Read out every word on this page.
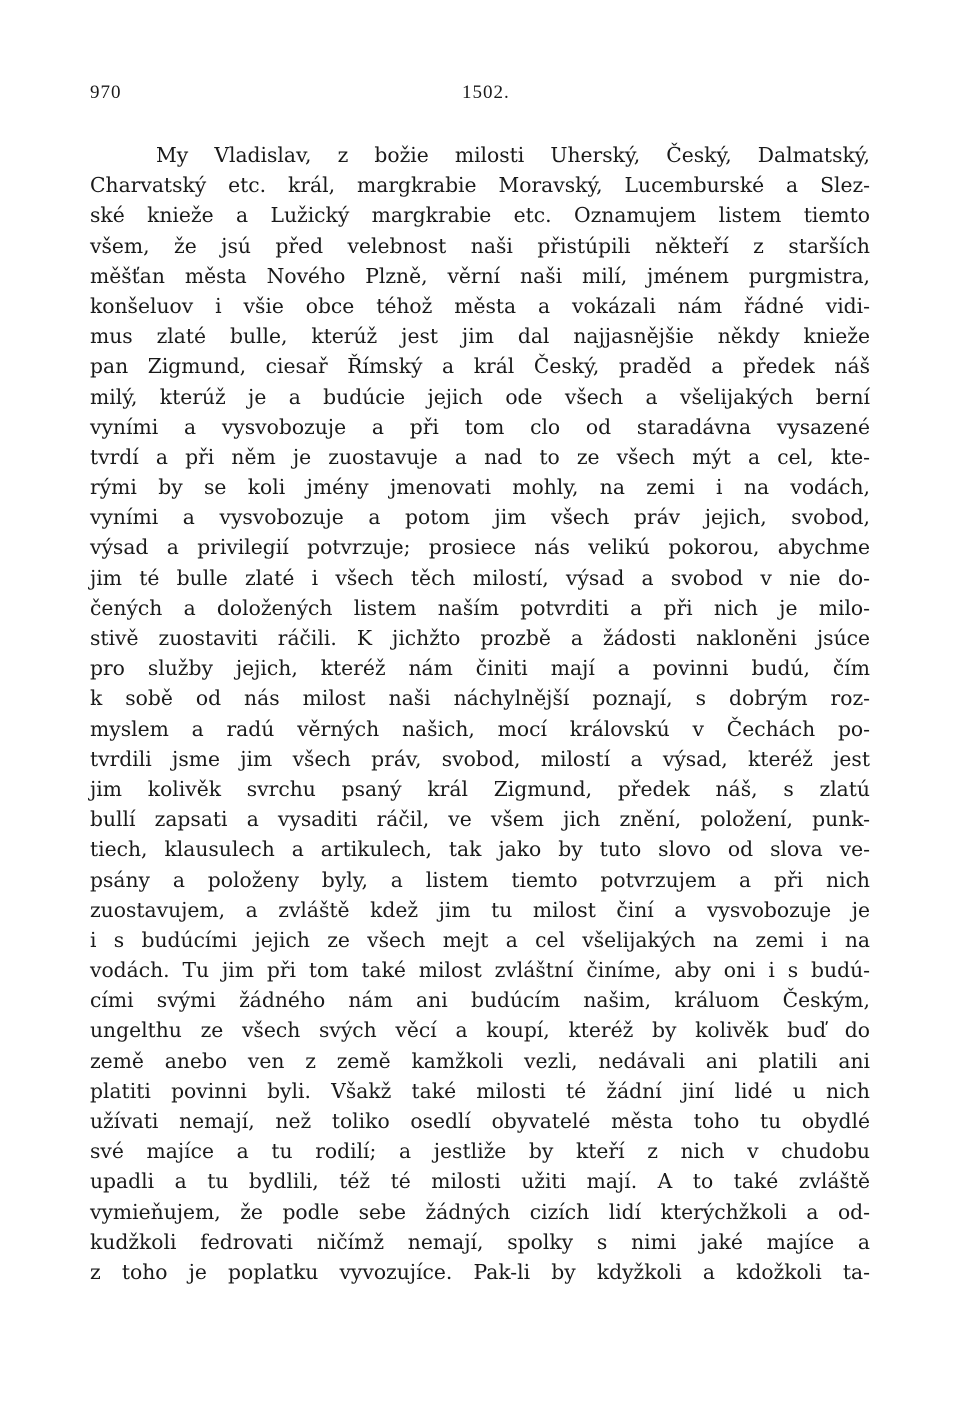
970	1502.
My Vladislav, z božie milosti Uherský, Český, Dalmatský,
Charvatský etc. král, margkrabie Moravský, Lucemburské a Slez-
ské knieže a Lužický margkrabie etc. Oznamujem listem tiemto
všem, že jsú před velebnost naši přistúpili někteří z starších
měšťan města Nového Plzně, věrní naši milí, jménem purgmistra,
konšeluov i všie obce téhož města a vokázali nám řádné vidi-
mus zlaté bulle, kterúž jest jim dal najjasnějšie někdy knieže
pan Zigmund, ciesař Římský a král Český, praděd a předek náš
milý, kterúž je a budúcie jejich ode všech a všelijakých berní
vyními a vysvobozuje a při tom clo od staradávna vysazené
tvrdí a při něm je zuostavuje a nad to ze všech mýt a cel, kte-
rými by se koli jmény jmenovati mohly, na zemi i na vodách,
vyními a vysvobozuje a potom jim všech práv jejich, svobod,
výsad a privilegií potvrzuje; prosiece nás velikú pokorou, abychme
jim té bulle zlaté i všech těch milostí, výsad a svobod v nie do-
čených a doložených listem naším potvrditi a při nich je milo-
stivě zuostaviti ráčili. K jichžto prozbě a žádosti nakloněni jsúce
pro služby jejich, kteréž nám činiti mají a povinni budú, čím
k sobě od nás milost naši náchylnější poznají, s dobrým roz-
myslem a radú věrných našich, mocí královskú v Čechách po-
tvrdili jsme jim všech práv, svobod, milostí a výsad, kteréž jest
jim kolivěk svrchu psaný král Zigmund, předek náš, s zlatú
bullí zapsati a vysaditi ráčil, ve všem jich znění, položení, punk-
tiech, klausulech a artikulech, tak jako by tuto slovo od slova ve-
psány a položeny byly, a listem tiemto potvrzujem a při nich
zuostavujem, a zvláště kdež jim tu milost činí a vysvobozuje je
i s budúcími jejich ze všech mejt a cel všelijakých na zemi i na
vodách. Tu jim při tom také milost zvláštní činíme, aby oni i s budú-
cími svými žádného nám ani budúcím našim, králuom Českým,
ungelthu ze všech svých věcí a koupí, kteréž by kolivěk buď do
země anebo ven z země kamžkoli vezli, nedávali ani platili ani
platiti povinni byli. Všakž také milosti té žádní jiní lidé u nich
užívati nemají, než toliko osedlí obyvatelé města toho tu obydlé
své majíce a tu rodilí; a jestliže by kteří z nich v chudobu
upadli a tu bydlili, též té milosti užiti mají. A to také zvláště
vymieňujem, že podle sebe žádných cizích lidí kterýchžkoli a od-
kudžkoli fedrovati ničímž nemají, spolky s nimi jaké majíce a
z toho je poplatku vyvozujíce. Pak-li by kdyžkoli a kdožkoli ta-
